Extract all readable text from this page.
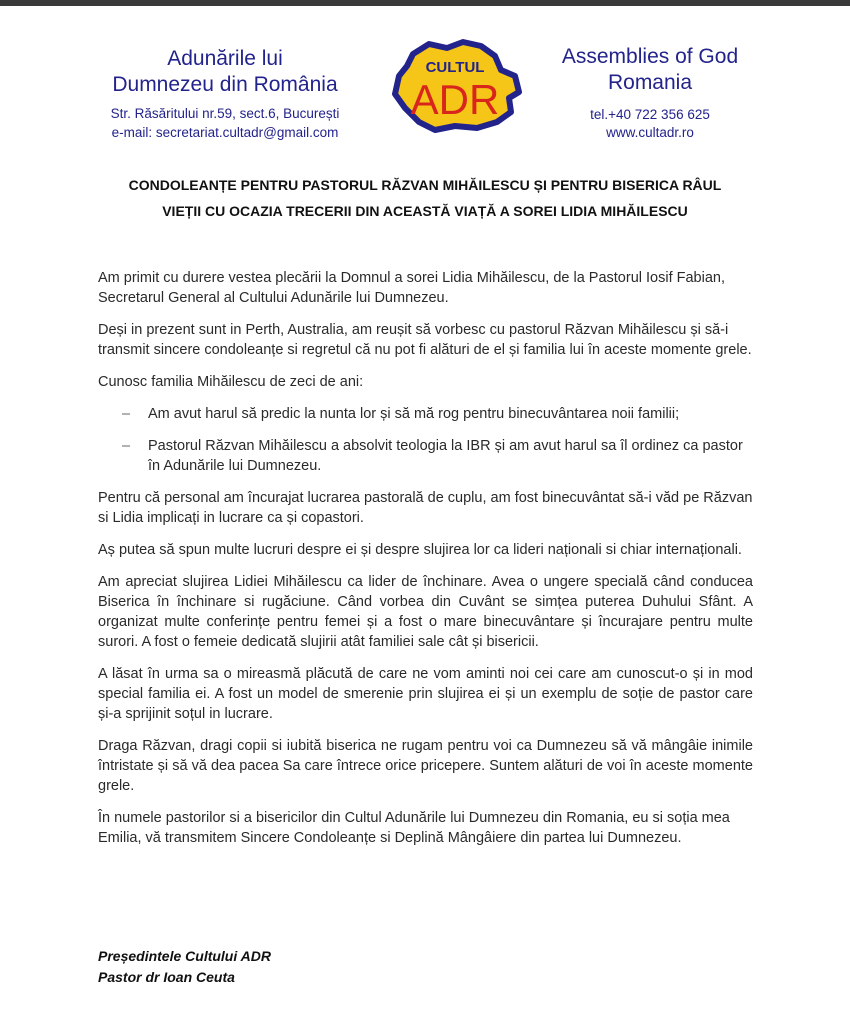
Adunările lui
Dumnezeu din România
Str. Răsăritului nr.59, sect.6, București
e-mail: secretariat.cultadr@gmail.com
CULTUL
ADR
Assemblies of God
Romania
tel.+40 722 356 625
www.cultadr.ro
CONDOLEANȚE PENTRU PASTORUL RĂZVAN MIHĂILESCU ȘI PENTRU BISERICA RÂUL
VIEȚII CU OCAZIA TRECERII DIN ACEASTĂ VIAȚĂ A SOREI LIDIA MIHĂILESCU

Am primit cu durere vestea plecării la Domnul a sorei Lidia Mihăilescu, de la Pastorul Iosif Fabian, Secretarul General al Cultului Adunările lui Dumnezeu.

Deși in prezent sunt in Perth, Australia, am reușit să vorbesc cu pastorul Răzvan Mihăilescu și să-i transmit sincere condoleanțe si regretul că nu pot fi alături de el și familia lui în aceste momente grele.

Cunosc familia Mihăilescu de zeci de ani:

– Am avut harul să predic la nunta lor și să mă rog pentru binecuvântarea noii familii;
– Pastorul Răzvan Mihăilescu a absolvit teologia la IBR și am avut harul sa îl ordinez ca pastor în Adunările lui Dumnezeu.

Pentru că personal am încurajat lucrarea pastorală de cuplu, am fost binecuvântat să-i văd pe Răzvan si Lidia implicați in lucrare ca și copastori.

Aș putea să spun multe lucruri despre ei și despre slujirea lor ca lideri naționali si chiar internaționali.

Am apreciat slujirea Lidiei Mihăilescu ca lider de închinare. Avea o ungere specială când conducea Biserica în închinare si rugăciune. Când vorbea din Cuvânt se simțea puterea Duhului Sfânt. A organizat multe conferințe pentru femei și a fost o mare binecuvântare și încurajare pentru multe surori. A fost o femeie dedicată slujirii atât familiei sale cât și bisericii.

A lăsat în urma sa o mireasmă plăcută de care ne vom aminti noi cei care am cunoscut-o și in mod special familia ei. A fost un model de smerenie prin slujirea ei și un exemplu de soție de pastor care și-a sprijinit soțul in lucrare.

Draga Răzvan, dragi copii si iubită biserica ne rugam pentru voi ca Dumnezeu să vă mângâie inimile întristate și să vă dea pacea Sa care întrece orice pricepere. Suntem alături de voi în aceste momente grele.

În numele pastorilor si a bisericilor din Cultul Adunările lui Dumnezeu din Romania, eu si soția mea Emilia, vă transmitem Sincere Condoleanțe si Deplină Mângâiere din partea lui Dumnezeu.

Președintele Cultului ADR
Pastor dr Ioan Ceuta
